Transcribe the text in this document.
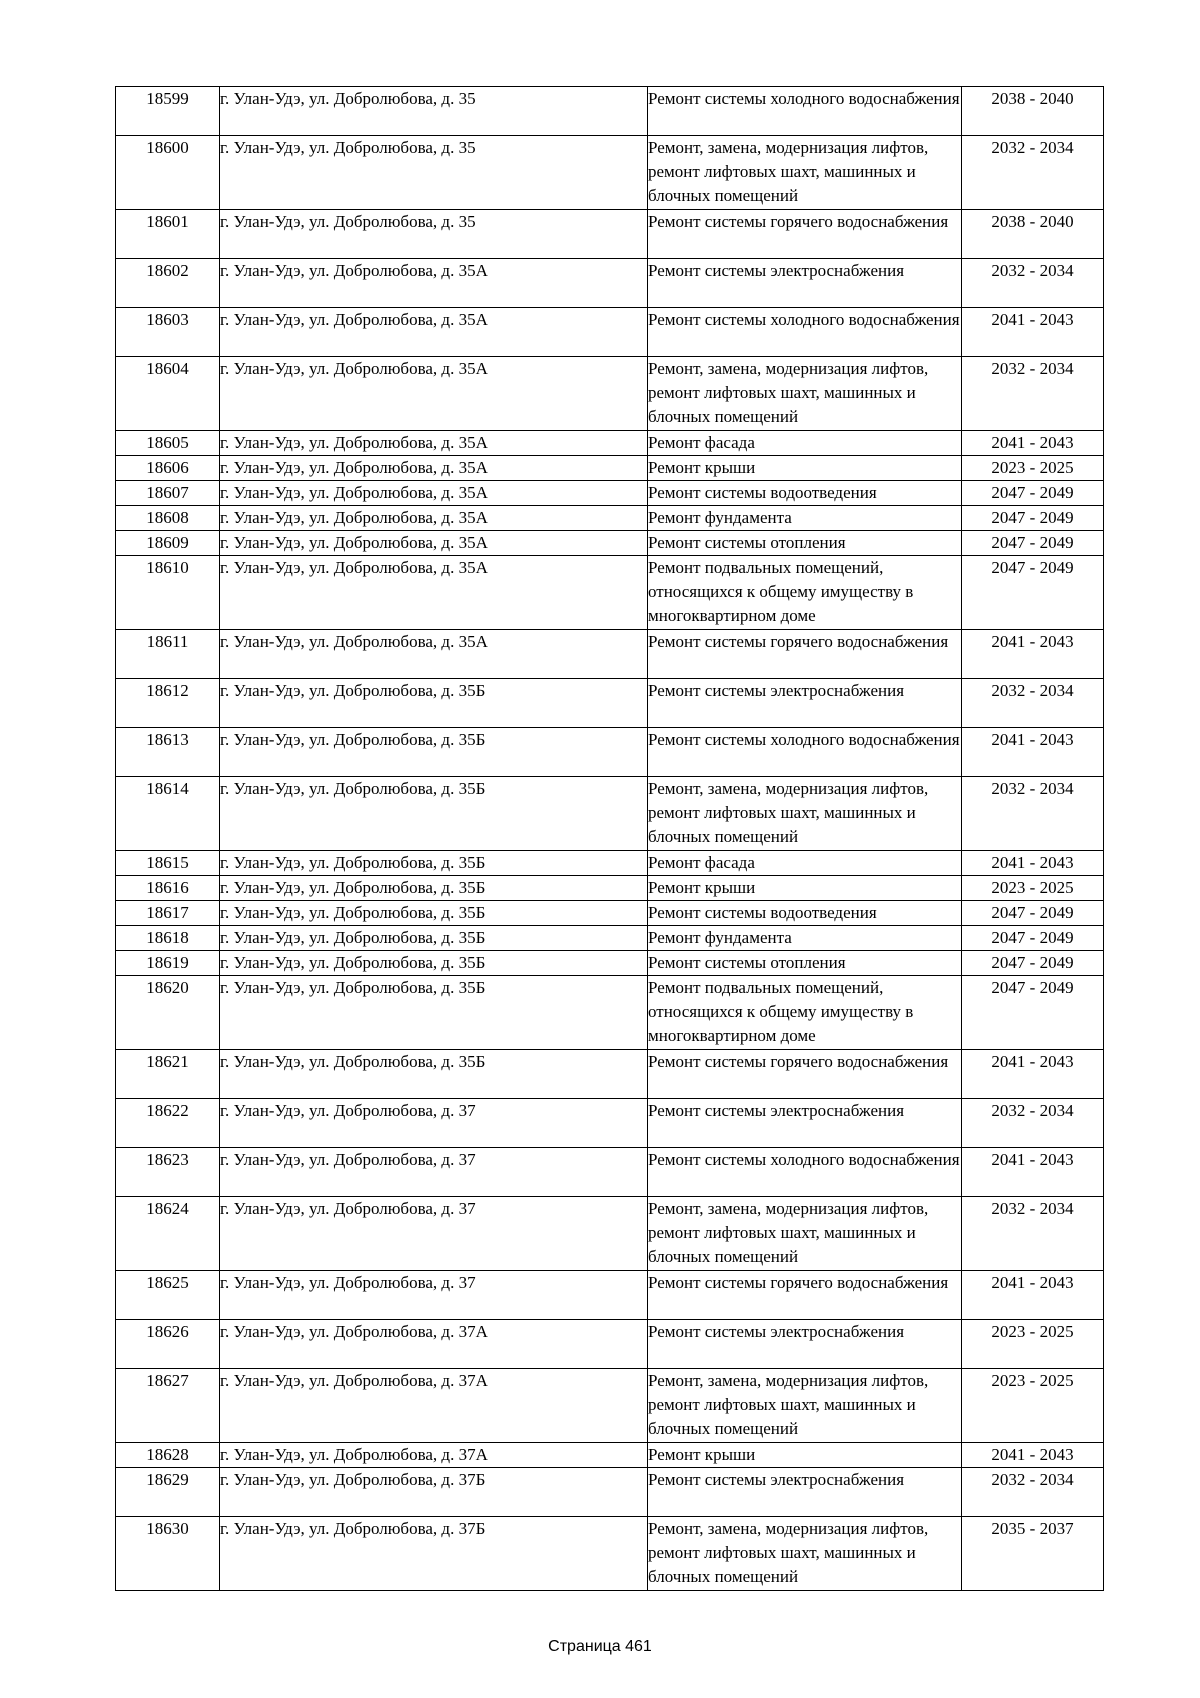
18599	г. Улан-Удэ, ул. Добролюбова, д. 35	Ремонт системы холодного водоснабжения	2038 - 2040
18600	г. Улан-Удэ, ул. Добролюбова, д. 35	Ремонт, замена, модернизация лифтов, ремонт лифтовых шахт, машинных и блочных помещений	2032 - 2034
18601	г. Улан-Удэ, ул. Добролюбова, д. 35	Ремонт системы горячего водоснабжения	2038 - 2040
18602	г. Улан-Удэ, ул. Добролюбова, д. 35А	Ремонт системы электроснабжения	2032 - 2034
18603	г. Улан-Удэ, ул. Добролюбова, д. 35А	Ремонт системы холодного водоснабжения	2041 - 2043
18604	г. Улан-Удэ, ул. Добролюбова, д. 35А	Ремонт, замена, модернизация лифтов, ремонт лифтовых шахт, машинных и блочных помещений	2032 - 2034
18605	г. Улан-Удэ, ул. Добролюбова, д. 35А	Ремонт фасада	2041 - 2043
18606	г. Улан-Удэ, ул. Добролюбова, д. 35А	Ремонт крыши	2023 - 2025
18607	г. Улан-Удэ, ул. Добролюбова, д. 35А	Ремонт системы водоотведения	2047 - 2049
18608	г. Улан-Удэ, ул. Добролюбова, д. 35А	Ремонт фундамента	2047 - 2049
18609	г. Улан-Удэ, ул. Добролюбова, д. 35А	Ремонт системы отопления	2047 - 2049
18610	г. Улан-Удэ, ул. Добролюбова, д. 35А	Ремонт подвальных помещений, относящихся к общему имуществу в многоквартирном доме	2047 - 2049
18611	г. Улан-Удэ, ул. Добролюбова, д. 35А	Ремонт системы горячего водоснабжения	2041 - 2043
18612	г. Улан-Удэ, ул. Добролюбова, д. 35Б	Ремонт системы электроснабжения	2032 - 2034
18613	г. Улан-Удэ, ул. Добролюбова, д. 35Б	Ремонт системы холодного водоснабжения	2041 - 2043
18614	г. Улан-Удэ, ул. Добролюбова, д. 35Б	Ремонт, замена, модернизация лифтов, ремонт лифтовых шахт, машинных и блочных помещений	2032 - 2034
18615	г. Улан-Удэ, ул. Добролюбова, д. 35Б	Ремонт фасада	2041 - 2043
18616	г. Улан-Удэ, ул. Добролюбова, д. 35Б	Ремонт крыши	2023 - 2025
18617	г. Улан-Удэ, ул. Добролюбова, д. 35Б	Ремонт системы водоотведения	2047 - 2049
18618	г. Улан-Удэ, ул. Добролюбова, д. 35Б	Ремонт фундамента	2047 - 2049
18619	г. Улан-Удэ, ул. Добролюбова, д. 35Б	Ремонт системы отопления	2047 - 2049
18620	г. Улан-Удэ, ул. Добролюбова, д. 35Б	Ремонт подвальных помещений, относящихся к общему имуществу в многоквартирном доме	2047 - 2049
18621	г. Улан-Удэ, ул. Добролюбова, д. 35Б	Ремонт системы горячего водоснабжения	2041 - 2043
18622	г. Улан-Удэ, ул. Добролюбова, д. 37	Ремонт системы электроснабжения	2032 - 2034
18623	г. Улан-Удэ, ул. Добролюбова, д. 37	Ремонт системы холодного водоснабжения	2041 - 2043
18624	г. Улан-Удэ, ул. Добролюбова, д. 37	Ремонт, замена, модернизация лифтов, ремонт лифтовых шахт, машинных и блочных помещений	2032 - 2034
18625	г. Улан-Удэ, ул. Добролюбова, д. 37	Ремонт системы горячего водоснабжения	2041 - 2043
18626	г. Улан-Удэ, ул. Добролюбова, д. 37А	Ремонт системы электроснабжения	2023 - 2025
18627	г. Улан-Удэ, ул. Добролюбова, д. 37А	Ремонт, замена, модернизация лифтов, ремонт лифтовых шахт, машинных и блочных помещений	2023 - 2025
18628	г. Улан-Удэ, ул. Добролюбова, д. 37А	Ремонт крыши	2041 - 2043
18629	г. Улан-Удэ, ул. Добролюбова, д. 37Б	Ремонт системы электроснабжения	2032 - 2034
18630	г. Улан-Удэ, ул. Добролюбова, д. 37Б	Ремонт, замена, модернизация лифтов, ремонт лифтовых шахт, машинных и блочных помещений	2035 - 2037
Страница 461
